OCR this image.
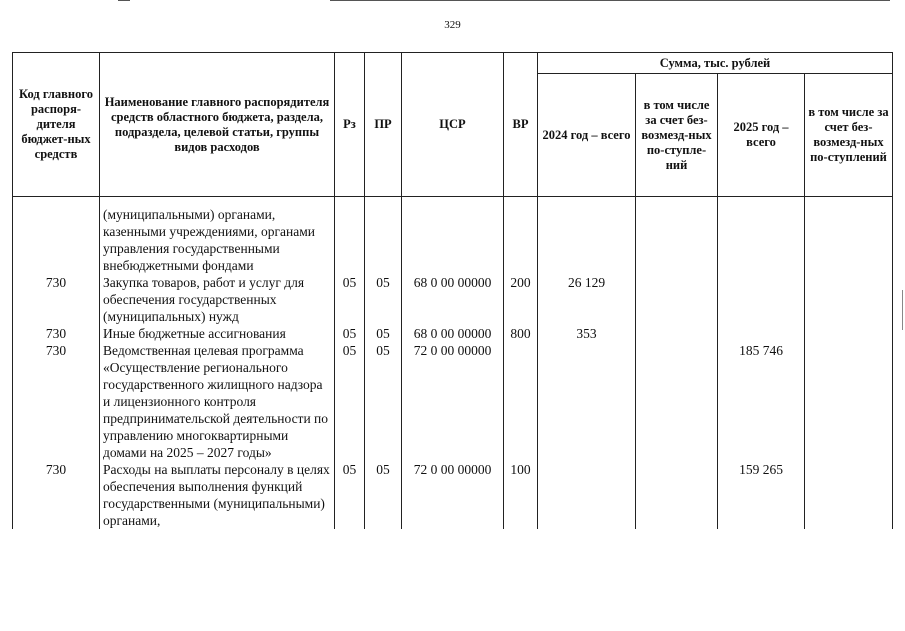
329
Код главного распоря-дителя бюджет-ных средств	Наименование главного распорядителя средств областного бюджета, раздела, подраздела, целевой статьи, группы видов расходов	Рз	ПР	ЦСР	ВР	Сумма, тыс. рублей			
						2024 год – всего	в том числе за счет без-возмезд-ных по-ступле-ний	2025 год – всего	в том числе за счет без-возмезд-ных по-ступлений

	(муниципальными) органами, казенными учреждениями, органами управления государственными внебюджетными фондами								
730	Закупка товаров, работ и услуг для обеспечения государственных (муниципальных) нужд	05	05	68 0 00 00000	200	26 129			
730	Иные бюджетные ассигнования	05	05	68 0 00 00000	800	353			
730	Ведомственная целевая программа «Осуществление регионального государственного жилищного надзора и лицензионного контроля предпринимательской деятельности по управлению многоквартирными домами на 2025 – 2027 годы»	05	05	72 0 00 00000				185 746	
730	Расходы на выплаты персоналу в целях обеспечения выполнения функций государственными (муниципальными) органами,	05	05	72 0 00 00000	100			159 265	
